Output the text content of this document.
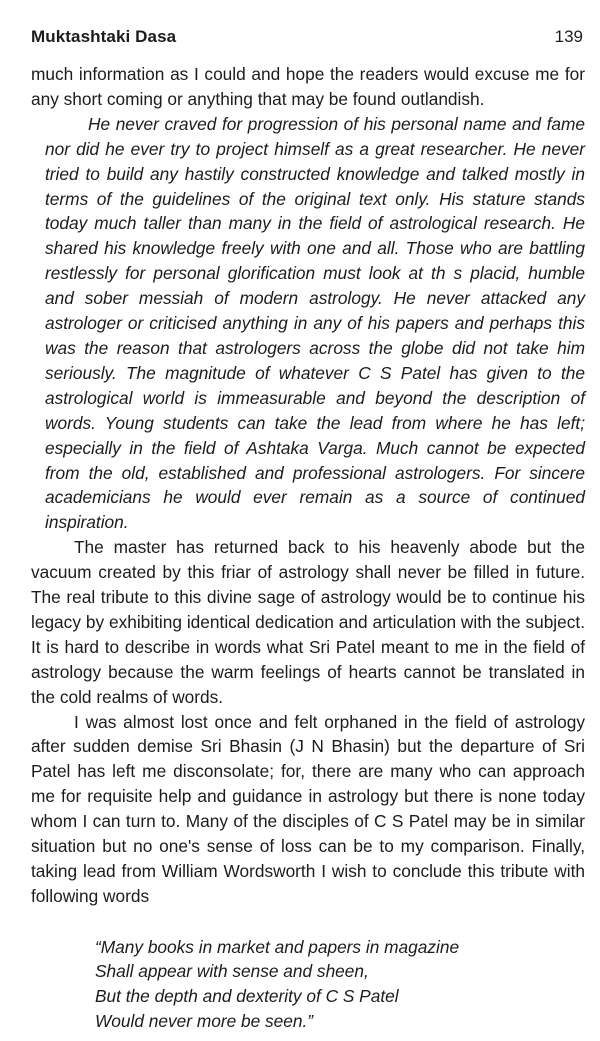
Muktashtaki Dasa	139

much information as I could and hope the readers would excuse me for any short coming or anything that may be found outlandish.

He never craved for progression of his personal name and fame nor did he ever try to project himself as a great researcher. He never tried to build any hastily constructed knowledge and talked mostly in terms of the guidelines of the original text only. His stature stands today much taller than many in the field of astrological research. He shared his knowledge freely with one and all. Those who are battling restlessly for personal glorification must look at th s placid, humble and sober messiah of modern astrology. He never attacked any astrologer or criticised anything in any of his papers and perhaps this was the reason that astrologers across the globe did not take him seriously. The magnitude of whatever C S Patel has given to the astrological world is immeasurable and beyond the description of words. Young students can take the lead from where he has left; especially in the field of Ashtaka Varga. Much cannot be expected from the old, established and professional astrologers. For sincere academicians he would ever remain as a source of continued inspiration.

The master has returned back to his heavenly abode but the vacuum created by this friar of astrology shall never be filled in future. The real tribute to this divine sage of astrology would be to continue his legacy by exhibiting identical dedication and articulation with the subject. It is hard to describe in words what Sri Patel meant to me in the field of astrology because the warm feelings of hearts cannot be translated in the cold realms of words.

I was almost lost once and felt orphaned in the field of astrology after sudden demise Sri Bhasin (J N Bhasin) but the departure of Sri Patel has left me disconsolate; for, there are many who can approach me for requisite help and guidance in astrology but there is none today whom I can turn to. Many of the disciples of C S Patel may be in similar situation but no one's sense of loss can be to my comparison. Finally, taking lead from William Wordsworth I wish to conclude this tribute with following words

“Many books in market and papers in magazine
Shall appear with sense and sheen,
But the depth and dexterity of C S Patel
Would never more be seen.”
